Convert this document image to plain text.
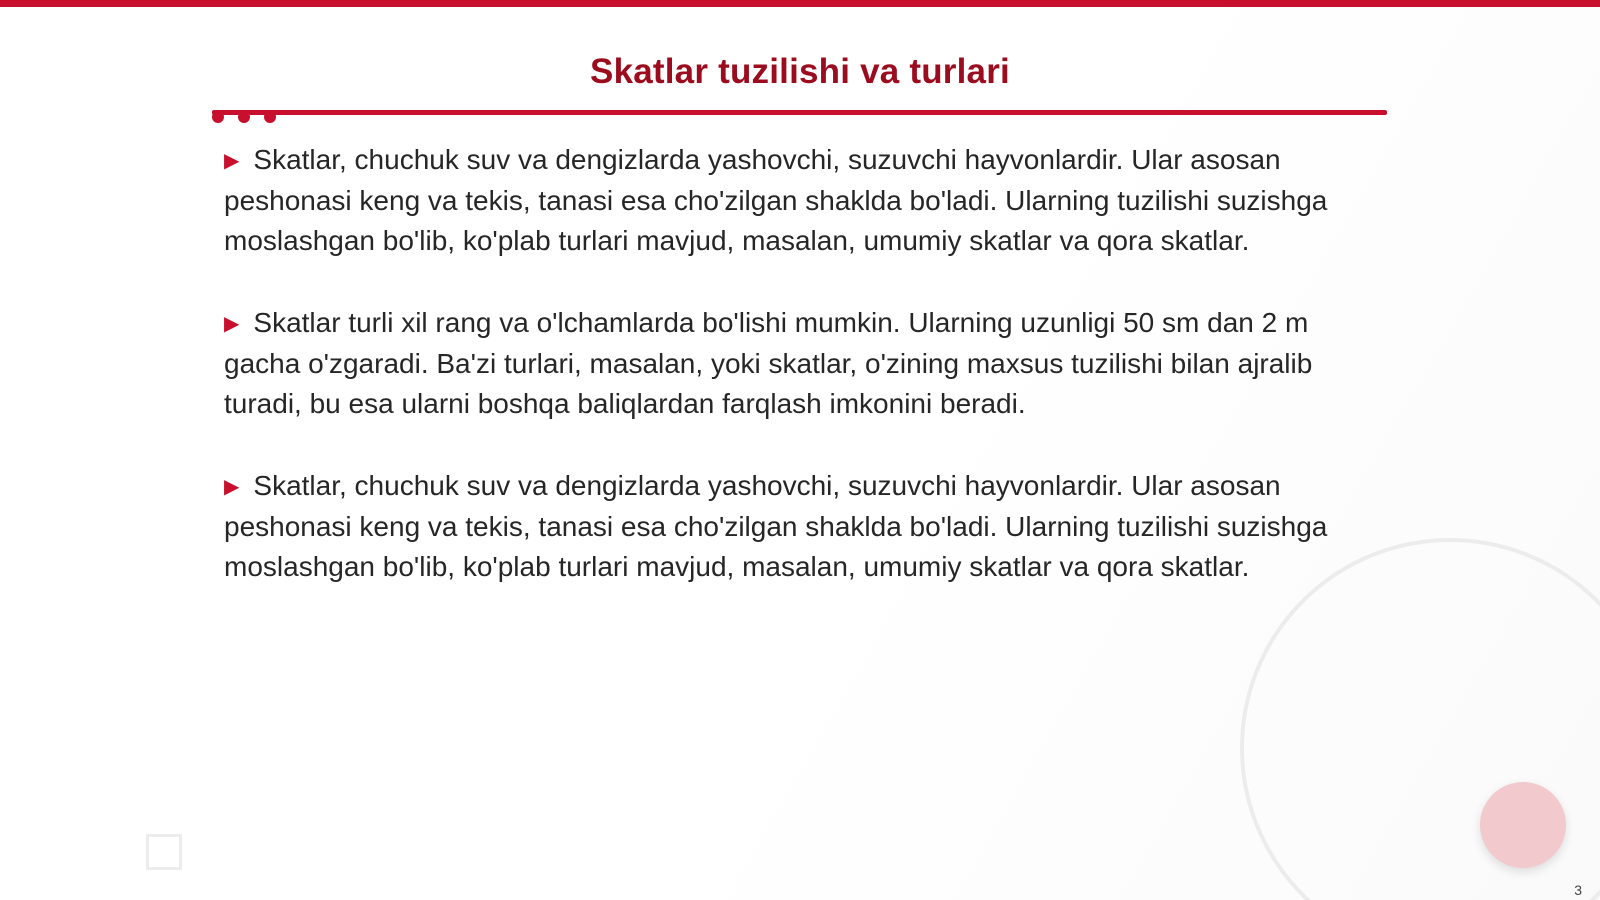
Skatlar tuzilishi va turlari

▶ Skatlar, chuchuk suv va dengizlarda yashovchi, suzuvchi hayvonlardir. Ular asosan peshonasi keng va tekis, tanasi esa cho'zilgan shaklda bo'ladi. Ularning tuzilishi suzishga moslashgan bo'lib, ko'plab turlari mavjud, masalan, umumiy skatlar va qora skatlar.

▶ Skatlar turli xil rang va o'lchamlarda bo'lishi mumkin. Ularning uzunligi 50 sm dan 2 m gacha o'zgaradi. Ba'zi turlari, masalan, yoki skatlar, o'zining maxsus tuzilishi bilan ajralib turadi, bu esa ularni boshqa baliqlardan farqlash imkonini beradi.

▶ Skatlar, chuchuk suv va dengizlarda yashovchi, suzuvchi hayvonlardir. Ular asosan peshonasi keng va tekis, tanasi esa cho'zilgan shaklda bo'ladi. Ularning tuzilishi suzishga moslashgan bo'lib, ko'plab turlari mavjud, masalan, umumiy skatlar va qora skatlar.

3
